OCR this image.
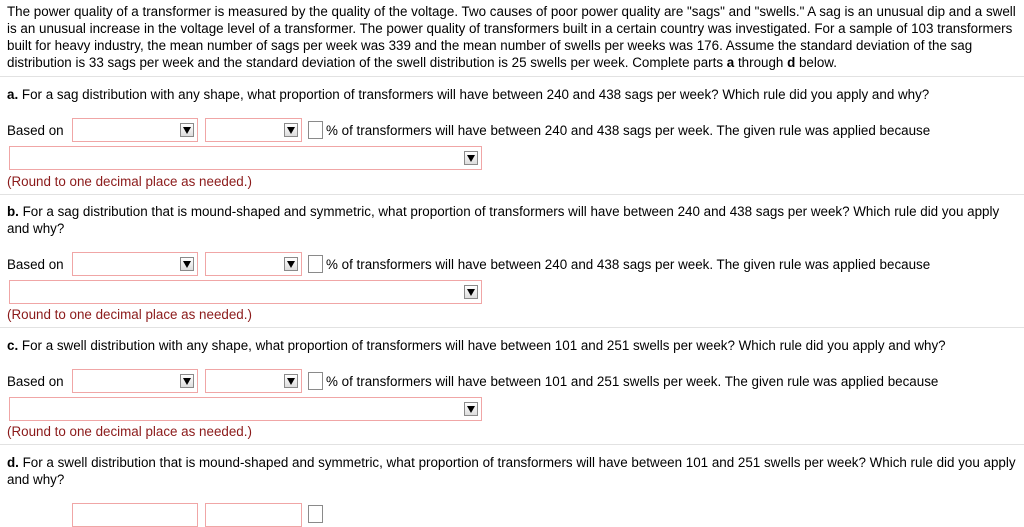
The power quality of a transformer is measured by the quality of the voltage. Two causes of poor power quality are "sags" and "swells." A sag is an unusual dip and a swell is an unusual increase in the voltage level of a transformer. The power quality of transformers built in a certain country was investigated. For a sample of 103 transformers built for heavy industry, the mean number of sags per week was 339 and the mean number of swells per weeks was 176. Assume the standard deviation of the sag distribution is 33 sags per week and the standard deviation of the swell distribution is 25 swells per week. Complete parts a through d below.
a. For a sag distribution with any shape, what proportion of transformers will have between 240 and 438 sags per week? Which rule did you apply and why?
Based on	% of transformers will have between 240 and 438 sags per week. The given rule was applied because
(Round to one decimal place as needed.)
b. For a sag distribution that is mound-shaped and symmetric, what proportion of transformers will have between 240 and 438 sags per week? Which rule did you apply and why?
Based on	% of transformers will have between 240 and 438 sags per week. The given rule was applied because
(Round to one decimal place as needed.)
c. For a swell distribution with any shape, what proportion of transformers will have between 101 and 251 swells per week? Which rule did you apply and why?
Based on	% of transformers will have between 101 and 251 swells per week. The given rule was applied because
(Round to one decimal place as needed.)
d. For a swell distribution that is mound-shaped and symmetric, what proportion of transformers will have between 101 and 251 swells per week? Which rule did you apply and why?
